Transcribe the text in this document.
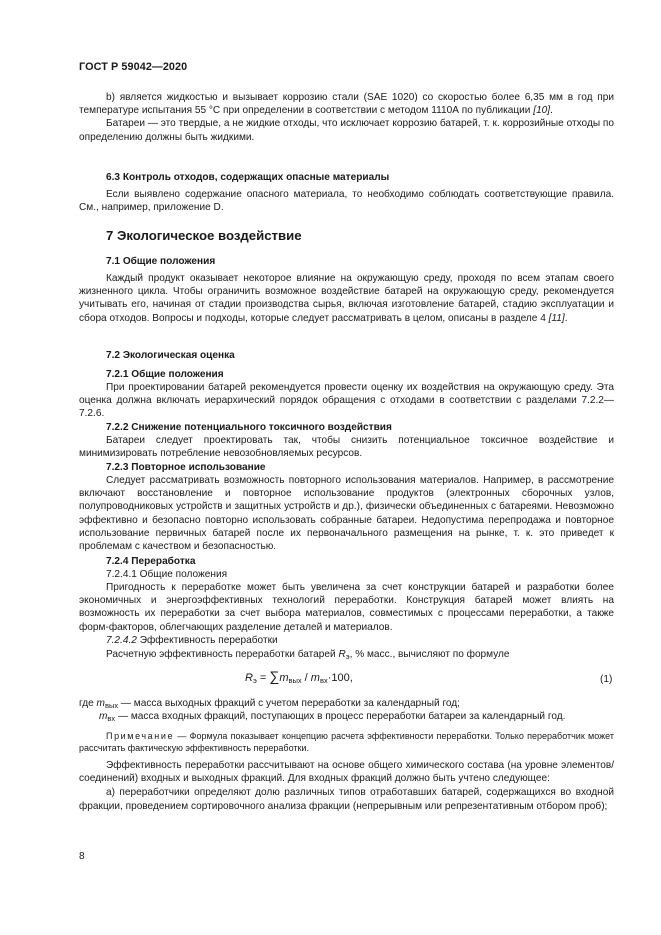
ГОСТ Р 59042—2020

b) является жидкостью и вызывает коррозию стали (SAE 1020) со скоростью более 6,35 мм в год при температуре испытания 55 °С при определении в соответствии с методом 1110А по публикации [10].

Батареи — это твердые, а не жидкие отходы, что исключает коррозию батарей, т. к. коррозийные отходы по определению должны быть жидкими.

6.3 Контроль отходов, содержащих опасные материалы

Если выявлено содержание опасного материала, то необходимо соблюдать соответствующие правила. См., например, приложение D.

7 Экологическое воздействие
7.1 Общие положения

Каждый продукт оказывает некоторое влияние на окружающую среду, проходя по всем этапам своего жизненного цикла. Чтобы ограничить возможное воздействие батарей на окружающую среду, рекомендуется учитывать его, начиная от стадии производства сырья, включая изготовление батарей, стадию эксплуатации и сбора отходов. Вопросы и подходы, которые следует рассматривать в целом, описаны в разделе 4 [11].

7.2 Экологическая оценка
7.2.1 Общие положения

При проектировании батарей рекомендуется провести оценку их воздействия на окружающую среду. Эта оценка должна включать иерархический порядок обращения с отходами в соответствии с разделами 7.2.2—7.2.6.

7.2.2 Снижение потенциального токсичного воздействия

Батареи следует проектировать так, чтобы снизить потенциальное токсичное воздействие и минимизировать потребление невозобновляемых ресурсов.

7.2.3 Повторное использование

Следует рассматривать возможность повторного использования материалов. Например, в рассмотрение включают восстановление и повторное использование продуктов (электронных сборочных узлов, полупроводниковых устройств и защитных устройств и др.), физически объединенных с батареями. Невозможно эффективно и безопасно повторно использовать собранные батареи. Недопустима перепродажа и повторное использование первичных батарей после их первоначального размещения на рынке, т. к. это приведет к проблемам с качеством и безопасностью.

7.2.4 Переработка
7.2.4.1 Общие положения

Пригодность к переработке может быть увеличена за счет конструкции батарей и разработки более экономичных и энергоэффективных технологий переработки. Конструкция батарей может влиять на возможность их переработки за счет выбора материалов, совместимых с процессами переработки, а также форм-факторов, облегчающих разделение деталей и материалов.

7.2.4.2 Эффективность переработки
Расчетную эффективность переработки батарей $R_э$, % масс., вычисляют по формуле
$R_э = \sum m_{вых} / m_{вх}\cdot 100$,	(1)
где $m_{вых}$ — масса выходных фракций с учетом переработки за календарный год;
$m_{вх}$ — масса входных фракций, поступающих в процесс переработки батареи за календарный год.

Примечание — Формула показывает концепцию расчета эффективности переработки. Только переработчик может рассчитать фактическую эффективность переработки.

Эффективность переработки рассчитывают на основе общего химического состава (на уровне элементов/соединений) входных и выходных фракций. Для входных фракций должно быть учтено следующее:

а) переработчики определяют долю различных типов отработавших батарей, содержащихся во входной фракции, проведением сортировочного анализа фракции (непрерывным или репрезентативным отбором проб);

8
